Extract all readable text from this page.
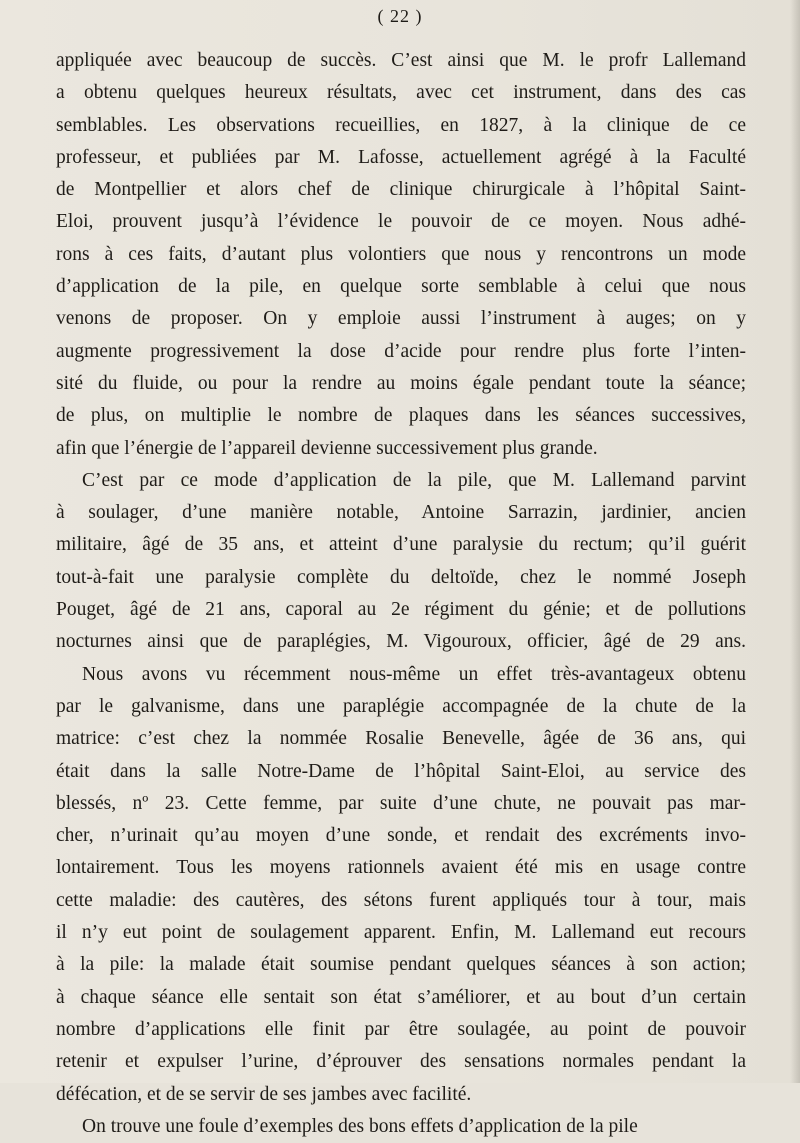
( 22 )
appliquée avec beaucoup de succès. C’est ainsi que M. le profr Lallemand
a obtenu quelques heureux résultats, avec cet instrument, dans des cas
semblables. Les observations recueillies, en 1827, à la clinique de ce
professeur, et publiées par M. Lafosse, actuellement agrégé à la Faculté
de Montpellier et alors chef de clinique chirurgicale à l’hôpital Saint-
Eloi, prouvent jusqu’à l’évidence le pouvoir de ce moyen. Nous adhé-
rons à ces faits, d’autant plus volontiers que nous y rencontrons un mode
d’application de la pile, en quelque sorte semblable à celui que nous
venons de proposer. On y emploie aussi l’instrument à auges; on y
augmente progressivement la dose d’acide pour rendre plus forte l’inten-
sité du fluide, ou pour la rendre au moins égale pendant toute la séance;
de plus, on multiplie le nombre de plaques dans les séances successives,
afin que l’énergie de l’appareil devienne successivement plus grande.
C’est par ce mode d’application de la pile, que M. Lallemand parvint
à soulager, d’une manière notable, Antoine Sarrazin, jardinier, ancien
militaire, âgé de 35 ans, et atteint d’une paralysie du rectum; qu’il guérit
tout-à-fait une paralysie complète du deltoïde, chez le nommé Joseph
Pouget, âgé de 21 ans, caporal au 2e régiment du génie; et de pollutions
nocturnes ainsi que de paraplégies, M. Vigouroux, officier, âgé de 29 ans.
Nous avons vu récemment nous-même un effet très-avantageux obtenu
par le galvanisme, dans une paraplégie accompagnée de la chute de la
matrice: c’est chez la nommée Rosalie Benevelle, âgée de 36 ans, qui
était dans la salle Notre-Dame de l’hôpital Saint-Eloi, au service des
blessés, nº 23. Cette femme, par suite d’une chute, ne pouvait pas mar-
cher, n’urinait qu’au moyen d’une sonde, et rendait des excréments invo-
lontairement. Tous les moyens rationnels avaient été mis en usage contre
cette maladie: des cautères, des sétons furent appliqués tour à tour, mais
il n’y eut point de soulagement apparent. Enfin, M. Lallemand eut recours
à la pile: la malade était soumise pendant quelques séances à son action;
à chaque séance elle sentait son état s’améliorer, et au bout d’un certain
nombre d’applications elle finit par être soulagée, au point de pouvoir
retenir et expulser l’urine, d’éprouver des sensations normales pendant la
défécation, et de se servir de ses jambes avec facilité.
On trouve une foule d’exemples des bons effets d’application de la pile
